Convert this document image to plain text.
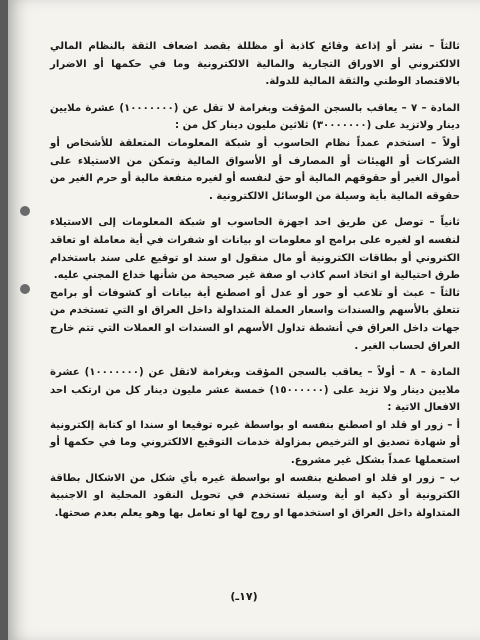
ثالثاً – نشر أو إذاعة وقائع كاذبة أو مظللة بقصد اضعاف الثقة بالنظام المالي الالكتروني أو الاوراق التجارية والمالية الالكترونية وما في حكمها أو الاضرار بالاقتصاد الوطني والثقة المالية للدولة.

المادة – ٧ – يعاقب بالسجن المؤقت وبغرامة لا تقل عن (١٠٠٠٠٠٠٠) عشرة ملايين دينار ولاتزيد على (٣٠٠٠٠٠٠٠) ثلاثين مليون دينار كل من :

أولاً – استخدم عمداً نظام الحاسوب أو شبكة المعلومات المتعلقة للأشخاص أو الشركات أو الهيئات أو المصارف أو الأسواق المالية وتمكن من الاستيلاء على أموال الغير أو حقوقهم المالية أو حق لنفسه أو لغيره منفعة مالية أو حرم الغير من حقوقه المالية بأية وسيلة من الوسائل الالكترونية .

ثانياً – توصل عن طريق احد اجهزة الحاسوب او شبكة المعلومات إلى الاستيلاء لنفسه او لغيره على برامج او معلومات او بيانات او شفرات في أية معاملة او تعاقد الكتروني أو بطاقات الكترونية أو مال منقول او سند او توقيع على سند باستخدام طرق احتيالية او اتخاذ اسم كاذب او صفة غير صحيحة من شأنها خداع المجني عليه.

ثالثاً – عبث أو تلاعب أو حور أو عدل أو اصطنع أية بيانات أو كشوفات أو برامج تتعلق بالأسهم والسندات واسعار العملة المتداولة داخل العراق او التي تستخدم من جهات داخل العراق في أنشطة تداول الأسهم او السندات او العملات التي تتم خارج العراق لحساب الغير .

المادة – ٨ – أولاً – يعاقب بالسجن المؤقت وبغرامة لاتقل عن (١٠٠٠٠٠٠٠) عشرة ملايين دينار ولا تزيد على (١٥٠٠٠٠٠٠) خمسة عشر مليون دينار كل من ارتكب احد الافعال الاتية :

أ – زور او قلد او اصطنع بنفسه او بواسطة غيره توقيعا او سندا او كتابة إلكترونية أو شهادة تصديق او الترخيص بمزاولة خدمات التوقيع الالكتروني وما في حكمها أو استعملها عمداً بشكل غير مشروع.

ب – زور او قلد او اصطنع بنفسه او بواسطة غيره بأي شكل من الاشكال بطاقة الكترونية أو ذكية او أية وسيلة تستخدم في تحويل النقود المحلية او الاجنبية المتداولة داخل العراق او استخدمها او روج لها او تعامل بها وهو يعلم بعدم صحتها.

(١٧ـ)
